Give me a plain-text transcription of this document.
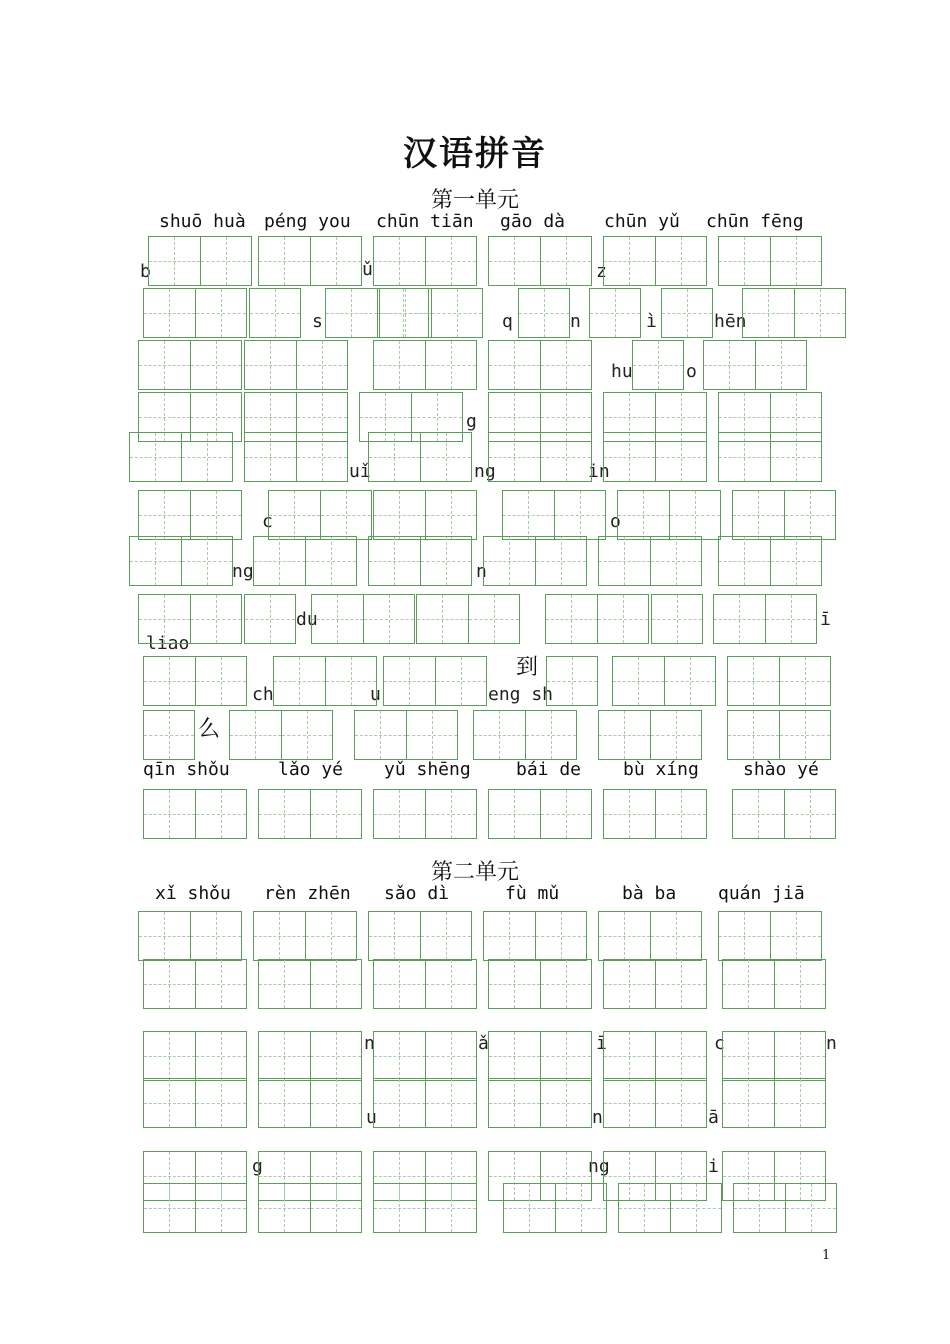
汉语拼音
第一单元
shuō huà péng you chūn tiān gāo dà chūn yǔ chūn fēng
b	ǔ	z
s	q	n	ì	hēn
hu	o
g
uǐ	ng	in
c	o
ng	n
du	ī
liao
ch	u	eng sh
到
么
qīn shǒu	lǎo yé yǔ shēng	bái de bù xíng shào yé
第二单元
xǐ shǒu rèn zhēn sǎo dì	fù mǔ	bà ba quán jiā
n	ǎ	ī	c	n
u	n	ā
g	ng	i
1
